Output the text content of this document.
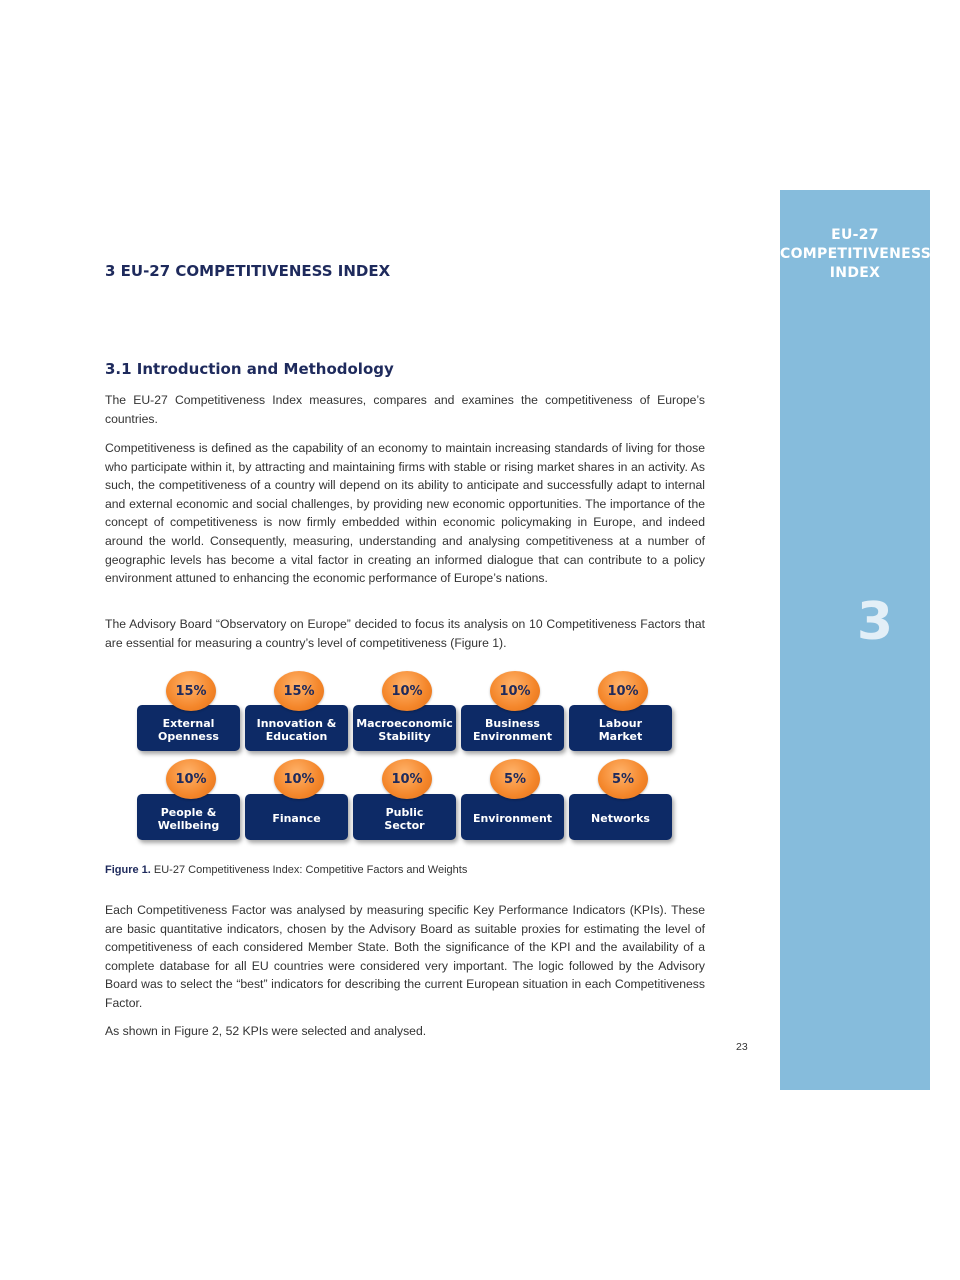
EU-27
COMPETITIVENESS
INDEX
3
3 EU-27 COMPETITIVENESS INDEX
3.1 Introduction and Methodology

The EU-27 Competitiveness Index measures, compares and examines the competitiveness of Europe’s countries.

Competitiveness is defined as the capability of an economy to maintain increasing standards of living for those who participate within it, by attracting and maintaining firms with stable or rising market shares in an activity. As such, the competitiveness of a country will depend on its ability to anticipate and successfully adapt to internal and external economic and social challenges, by providing new economic opportunities. The importance of the concept of competitiveness is now firmly embedded within economic policymaking in Europe, and indeed around the world. Consequently, measuring, understanding and analysing competitiveness at a number of geographic levels has become a vital factor in creating an informed dialogue that can contribute to a policy environment attuned to enhancing the economic performance of Europe’s nations.

The Advisory Board “Observatory on Europe” decided to focus its analysis on 10 Competitiveness Factors that are essential for measuring a country’s level of competitiveness (Figure 1).

External
Openness
15%
Innovation &
Education
15%
Macroeconomic
Stability
10%
Business
Environment
10%
Labour
Market
10%
People &
Wellbeing
10%
Finance
10%
Public
Sector
10%
Environment
5%
Networks
5%

Figure 1. EU-27 Competitiveness Index: Competitive Factors and Weights

Each Competitiveness Factor was analysed by measuring specific Key Performance Indicators (KPIs). These are basic quantitative indicators, chosen by the Advisory Board as suitable proxies for estimating the level of competitiveness of each considered Member State. Both the significance of the KPI and the availability of a complete database for all EU countries were considered very important. The logic followed by the Advisory Board was to select the “best” indicators for describing the current European situation in each Competitiveness Factor.

As shown in Figure 2, 52 KPIs were selected and analysed.

23
